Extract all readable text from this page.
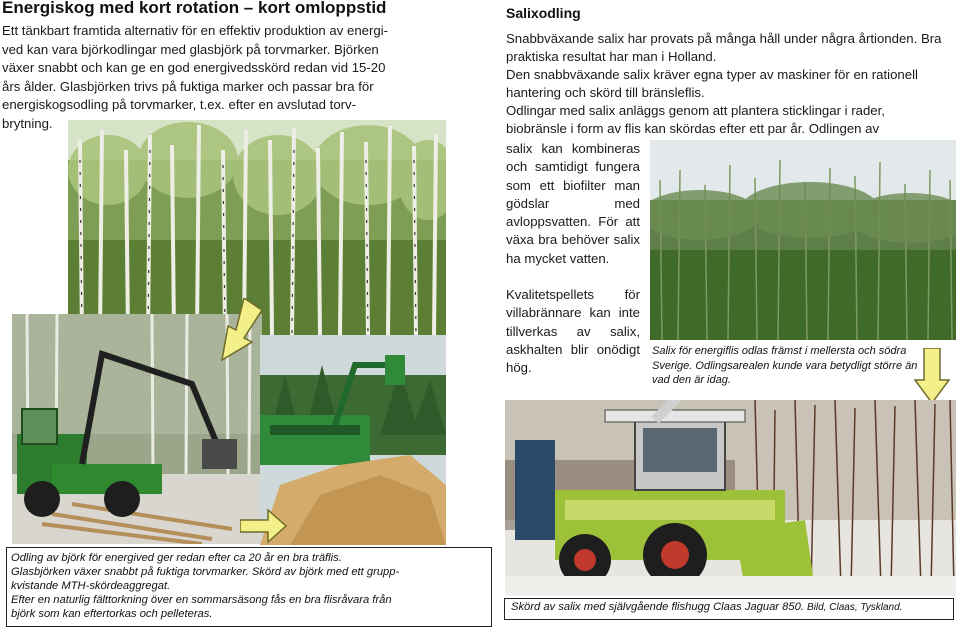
Energiskog med kort rotation – kort omloppstid
Ett tänkbart framtida alternativ för en effektiv produktion av energi-
ved kan vara björkodlingar med glasbjörk på torvmarker. Björken
växer snabbt och kan ge en god energivedsskörd redan vid 15-20
års ålder. Glasbjörken trivs på fuktiga marker och passar bra för
energiskogsodling på torvmarker, t.ex. efter en avslutad torv-
brytning.
Odling av björk för energived ger redan efter ca 20 år en bra träflis.
Glasbjörken växer snabbt på fuktiga torvmarker. Skörd av björk med ett grupp-
kvistande MTH-skördeaggregat.
Efter en naturlig fälttorkning över en sommarsäsong fås en bra flisråvara från
björk som kan eftertorkas och pelleteras.
Salixodling
Snabbväxande salix har provats på många håll under några årtionden. Bra praktiska resultat har man i Holland.
Den snabbväxande salix kräver egna typer av maskiner för en rationell hantering och skörd till bränsleflis.
Odlingar med salix anläggs genom att plantera sticklingar i rader, biobränsle i form av flis kan skördas efter ett par år. Odlingen av
salix kan kombineras och samtidigt fungera som ett biofilter man gödslar med avloppsvatten. För att växa bra behöver salix ha mycket vatten.
Kvalitetspellets för villabrännare kan inte tillverkas av salix, askhalten blir onödigt hög.
Salix för energiflis odlas främst i mellersta och södra Sverige. Odlingsarealen kunde vara betydligt större än vad den är idag.
Skörd av salix med självgående flishugg Claas Jaguar 850. Bild, Claas, Tyskland.
